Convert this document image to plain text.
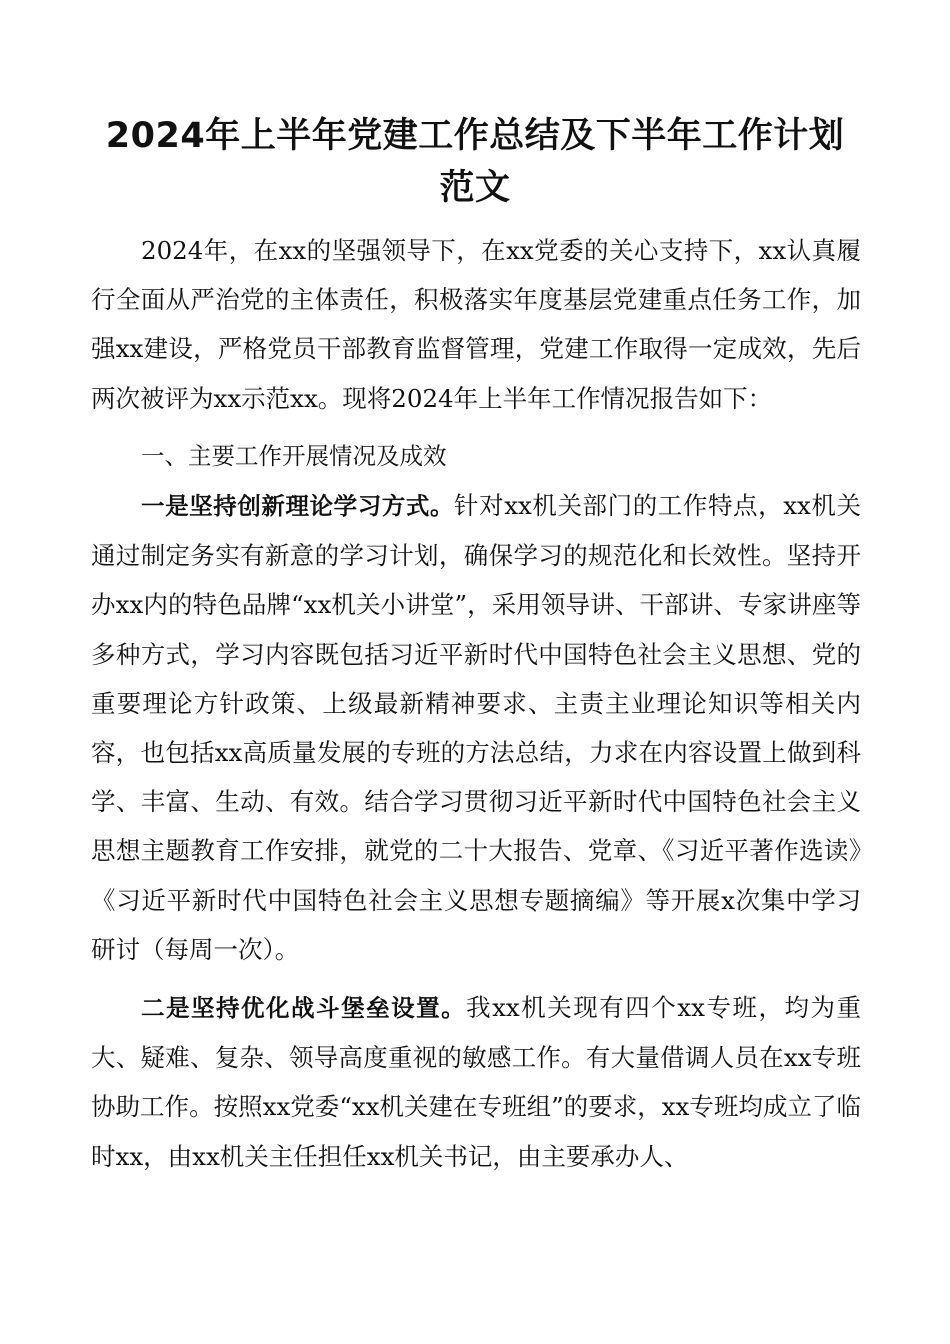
2024年上半年党建工作总结及下半年工作计划范文

2024年，在xx的坚强领导下，在xx党委的关心支持下，xx认真履行全面从严治党的主体责任，积极落实年度基层党建重点任务工作，加强xx建设，严格党员干部教育监督管理，党建工作取得一定成效，先后两次被评为xx示范xx。现将2024年上半年工作情况报告如下：

一、主要工作开展情况及成效

一是坚持创新理论学习方式。针对xx机关部门的工作特点，xx机关通过制定务实有新意的学习计划，确保学习的规范化和长效性。坚持开办xx内的特色品牌“xx机关小讲堂”，采用领导讲、干部讲、专家讲座等多种方式，学习内容既包括习近平新时代中国特色社会主义思想、党的重要理论方针政策、上级最新精神要求、主责主业理论知识等相关内容，也包括xx高质量发展的专班的方法总结，力求在内容设置上做到科学、丰富、生动、有效。结合学习贯彻习近平新时代中国特色社会主义思想主题教育工作安排，就党的二十大报告、党章、《习近平著作选读》《习近平新时代中国特色社会主义思想专题摘编》等开展x次集中学习研讨（每周一次）。

二是坚持优化战斗堡垒设置。我xx机关现有四个xx专班，均为重大、疑难、复杂、领导高度重视的敏感工作。有大量借调人员在xx专班协助工作。按照xx党委“xx机关建在专班组”的要求，xx专班均成立了临时xx，由xx机关主任担任xx机关书记，由主要承办人、
